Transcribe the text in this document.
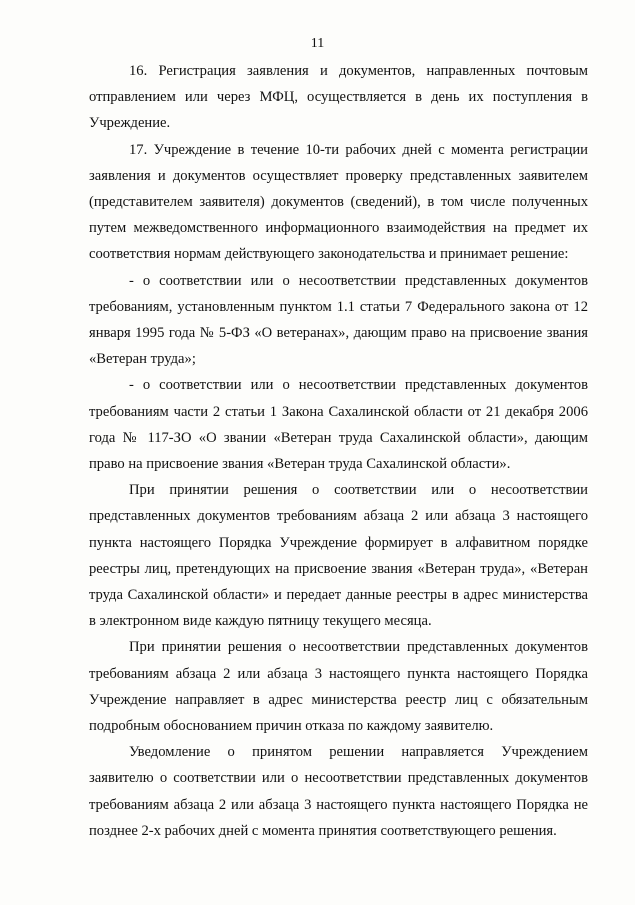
11

16. Регистрация заявления и документов, направленных почтовым отправлением или через МФЦ, осуществляется в день их поступления в Учреждение.

17. Учреждение в течение 10-ти рабочих дней с момента регистрации заявления и документов осуществляет проверку представленных заявителем (представителем заявителя) документов (сведений), в том числе полученных путем межведомственного информационного взаимодействия на предмет их соответствия нормам действующего законодательства и принимает решение:

- о соответствии или о несоответствии представленных документов требованиям, установленным пунктом 1.1 статьи 7 Федерального закона от 12 января 1995 года № 5-ФЗ «О ветеранах», дающим право на присвоение звания «Ветеран труда»;

- о соответствии или о несоответствии представленных документов требованиям части 2 статьи 1 Закона Сахалинской области от 21 декабря 2006 года № 117-ЗО «О звании «Ветеран труда Сахалинской области», дающим право на присвоение звания «Ветеран труда Сахалинской области».

При принятии решения о соответствии или о несоответствии представленных документов требованиям абзаца 2 или абзаца 3 настоящего пункта настоящего Порядка Учреждение формирует в алфавитном порядке реестры лиц, претендующих на присвоение звания «Ветеран труда», «Ветеран труда Сахалинской области» и передает данные реестры в адрес министерства в электронном виде каждую пятницу текущего месяца.

При принятии решения о несоответствии представленных документов требованиям абзаца 2 или абзаца 3 настоящего пункта настоящего Порядка Учреждение направляет в адрес министерства реестр лиц с обязательным подробным обоснованием причин отказа по каждому заявителю.

Уведомление о принятом решении направляется Учреждением заявителю о соответствии или о несоответствии представленных документов требованиям абзаца 2 или абзаца 3 настоящего пункта настоящего Порядка не позднее 2-х рабочих дней с момента принятия соответствующего решения.
